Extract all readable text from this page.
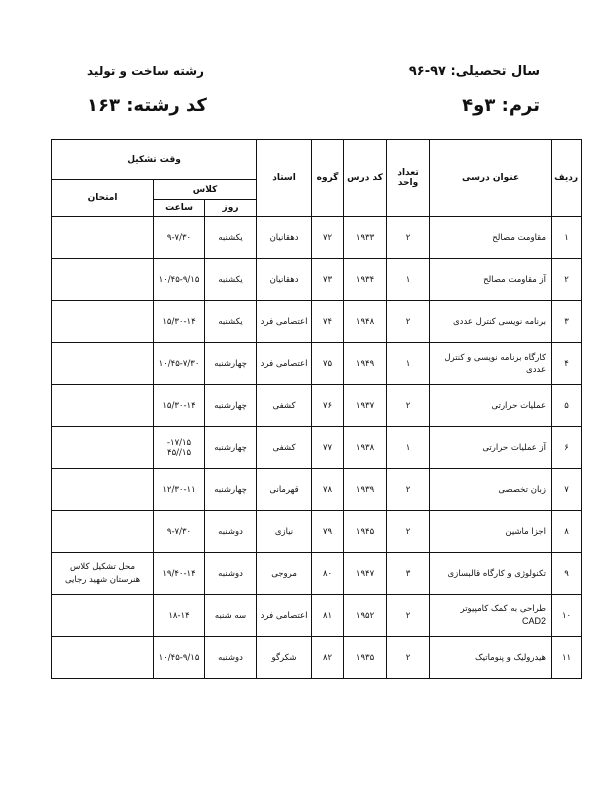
سال تحصیلی: ۹۷-۹۶
رشته ساخت و تولید
ترم: ۳و۴
کد رشته: ۱۶۳
ردیف	عنوان درسی	تعداد واحد	کد درس	گروه	استاد	وقت تشکیل		
						کلاس		امتحان
						روز	ساعت	
۱	مقاومت مصالح	۲	۱۹۳۳	۷۲	دهقانیان	یکشنبه	۹-۷/۳۰	
۲	آز مقاومت مصالح	۱	۱۹۳۴	۷۳	دهقانیان	یکشنبه	۱۰/۴۵-۹/۱۵	
۳	برنامه نویسی کنترل عددی	۲	۱۹۴۸	۷۴	اعتصامی فرد	یکشنبه	۱۵/۳۰-۱۴	
۴	کارگاه برنامه نویسی و کنترل عددی	۱	۱۹۴۹	۷۵	اعتصامی فرد	چهارشنبه	۱۰/۴۵-۷/۳۰	
۵	عملیات حرارتی	۲	۱۹۳۷	۷۶	کشفی	چهارشنبه	۱۵/۳۰-۱۴	
۶	آز عملیات حرارتی	۱	۱۹۳۸	۷۷	کشفی	چهارشنبه	۱۷/۱۵- ۱۵//۴۵	
۷	زبان تخصصی	۲	۱۹۳۹	۷۸	قهرمانی	چهارشنبه	۱۲/۳۰-۱۱	
۸	اجزا ماشین	۲	۱۹۴۵	۷۹	نیازی	دوشنبه	۹-۷/۳۰	
۹	تکنولوژی و کارگاه قالبسازی	۳	۱۹۴۷	۸۰	مروجی	دوشنبه	۱۹/۴۰-۱۴	محل تشکیل کلاس هنرستان شهید رجایی
۱۰	طراحی به کمک کامپیوتر
CAD2	۲	۱۹۵۲	۸۱	اعتصامی فرد	سه شنبه	۱۸-۱۴	
۱۱	هیدرولیک و پنوماتیک	۲	۱۹۳۵	۸۲	شکرگو	دوشنبه	۱۰/۴۵-۹/۱۵	
